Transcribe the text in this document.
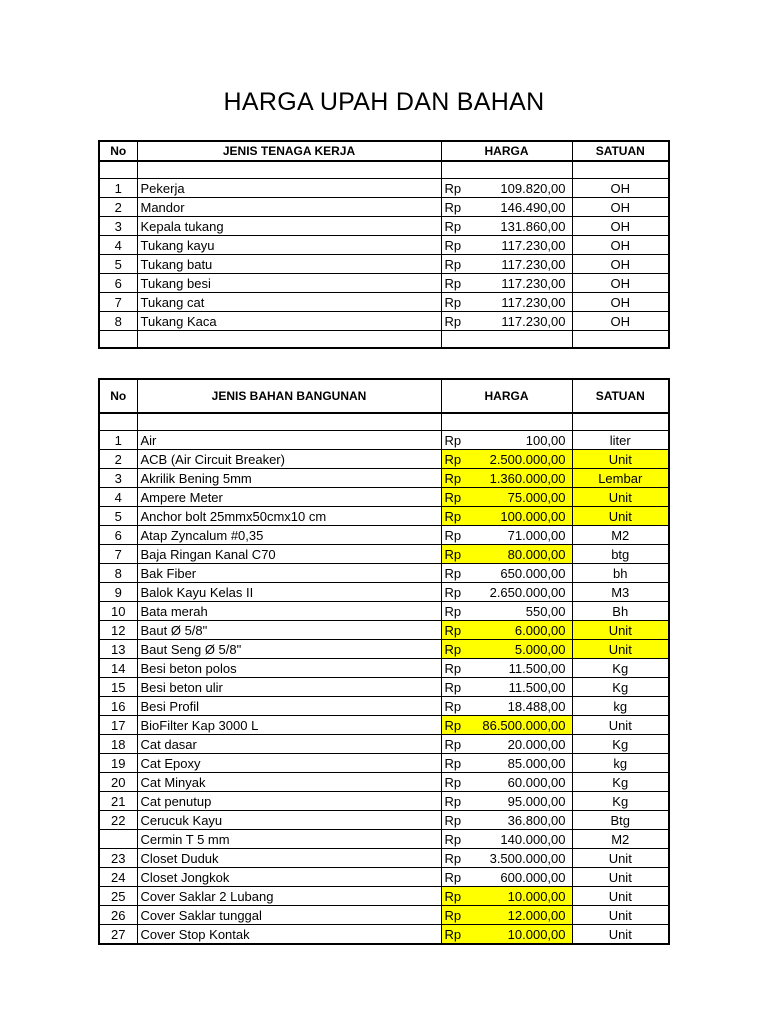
HARGA UPAH DAN BAHAN
No	JENIS TENAGA KERJA	HARGA		SATUAN

1	Pekerja	Rp	109.820,00	OH
2	Mandor	Rp	146.490,00	OH
3	Kepala tukang	Rp	131.860,00	OH
4	Tukang kayu	Rp	117.230,00	OH
5	Tukang batu	Rp	117.230,00	OH
6	Tukang besi	Rp	117.230,00	OH
7	Tukang cat	Rp	117.230,00	OH
8	Tukang Kaca	Rp	117.230,00	OH

No	JENIS BAHAN BANGUNAN	HARGA		SATUAN

1	Air	Rp	100,00	liter
2	ACB (Air Circuit Breaker)	Rp	2.500.000,00	Unit
3	Akrilik Bening 5mm	Rp	1.360.000,00	Lembar
4	Ampere Meter	Rp	75.000,00	Unit
5	Anchor bolt 25mmx50cmx10 cm	Rp	100.000,00	Unit
6	Atap Zyncalum #0,35	Rp	71.000,00	M2
7	Baja Ringan Kanal C70	Rp	80.000,00	btg
8	Bak Fiber	Rp	650.000,00	bh
9	Balok Kayu Kelas II	Rp	2.650.000,00	M3
10	Bata merah	Rp	550,00	Bh
12	Baut Ø 5/8"	Rp	6.000,00	Unit
13	Baut Seng Ø 5/8"	Rp	5.000,00	Unit
14	Besi beton polos	Rp	11.500,00	Kg
15	Besi beton ulir	Rp	11.500,00	Kg
16	Besi Profil	Rp	18.488,00	kg
17	BioFilter Kap 3000 L	Rp	86.500.000,00	Unit
18	Cat dasar	Rp	20.000,00	Kg
19	Cat Epoxy	Rp	85.000,00	kg
20	Cat Minyak	Rp	60.000,00	Kg
21	Cat penutup	Rp	95.000,00	Kg
22	Cerucuk Kayu	Rp	36.800,00	Btg
	Cermin T 5 mm	Rp	140.000,00	M2
23	Closet Duduk	Rp	3.500.000,00	Unit
24	Closet Jongkok	Rp	600.000,00	Unit
25	Cover Saklar 2 Lubang	Rp	10.000,00	Unit
26	Cover Saklar tunggal	Rp	12.000,00	Unit
27	Cover Stop Kontak	Rp	10.000,00	Unit
